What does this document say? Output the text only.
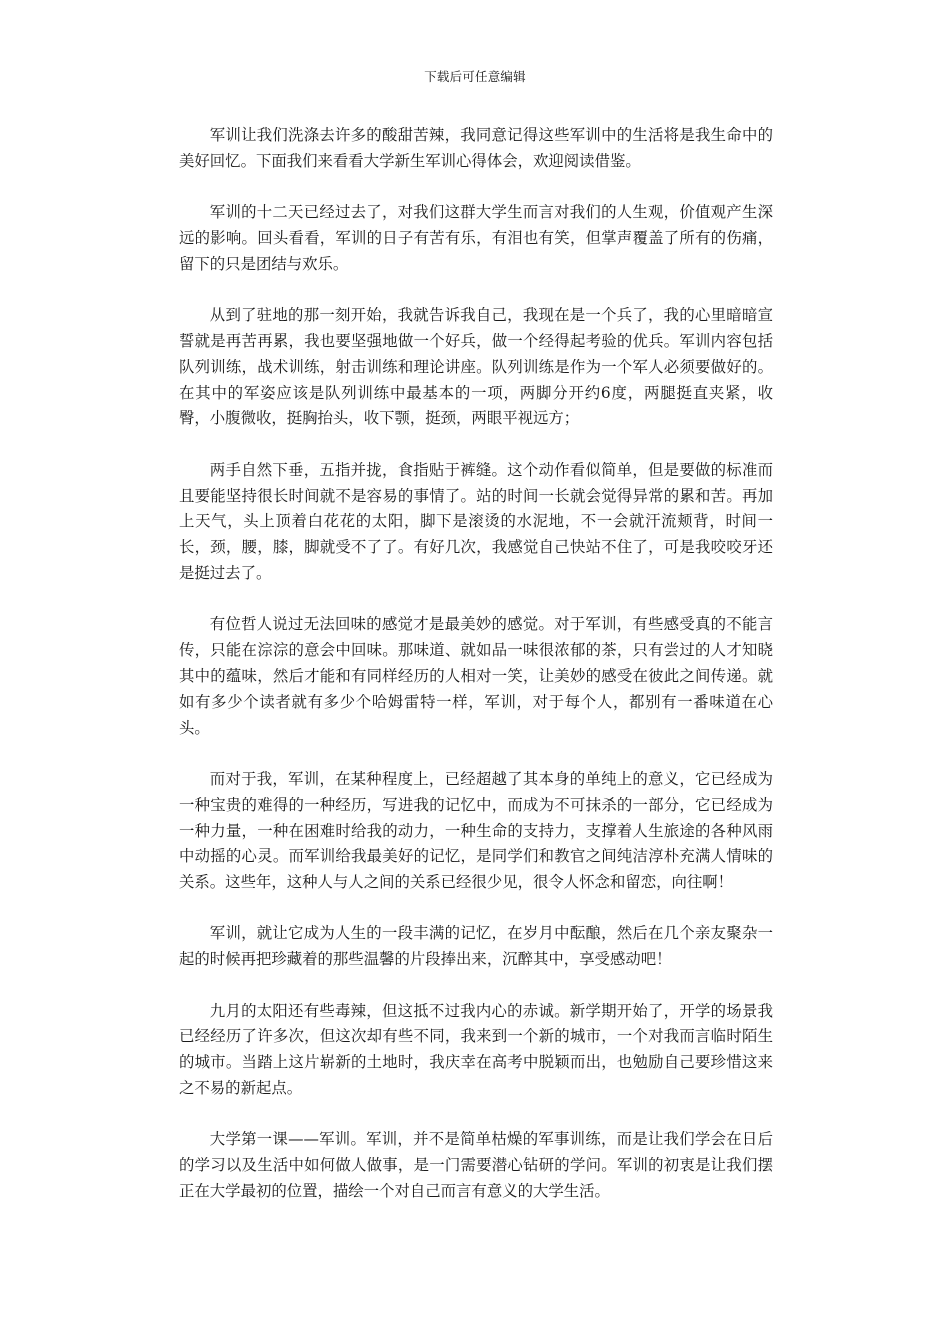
下载后可任意编辑

军训让我们洗涤去许多的酸甜苦辣，我同意记得这些军训中的生活将是我生命中的美好回忆。下面我们来看看大学新生军训心得体会，欢迎阅读借鉴。

军训的十二天已经过去了，对我们这群大学生而言对我们的人生观，价值观产生深远的影响。回头看看，军训的日子有苦有乐，有泪也有笑，但掌声覆盖了所有的伤痛，留下的只是团结与欢乐。

从到了驻地的那一刻开始，我就告诉我自己，我现在是一个兵了，我的心里暗暗宣誓就是再苦再累，我也要坚强地做一个好兵，做一个经得起考验的优兵。军训内容包括队列训练，战术训练，射击训练和理论讲座。队列训练是作为一个军人必须要做好的。在其中的军姿应该是队列训练中最基本的一项，两脚分开约6度，两腿挺直夹紧，收臀，小腹微收，挺胸抬头，收下颚，挺颈，两眼平视远方；

两手自然下垂，五指并拢，食指贴于裤缝。这个动作看似简单，但是要做的标准而且要能坚持很长时间就不是容易的事情了。站的时间一长就会觉得异常的累和苦。再加上天气，头上顶着白花花的太阳，脚下是滚烫的水泥地，不一会就汗流颊背，时间一长，颈，腰，膝，脚就受不了了。有好几次，我感觉自己快站不住了，可是我咬咬牙还是挺过去了。

有位哲人说过无法回味的感觉才是最美妙的感觉。对于军训，有些感受真的不能言传，只能在淙淙的意会中回味。那味道、就如品一味很浓郁的茶，只有尝过的人才知晓其中的蕴味，然后才能和有同样经历的人相对一笑，让美妙的感受在彼此之间传递。就如有多少个读者就有多少个哈姆雷特一样，军训，对于每个人，都别有一番味道在心头。

而对于我，军训，在某种程度上，已经超越了其本身的单纯上的意义，它已经成为一种宝贵的难得的一种经历，写进我的记忆中，而成为不可抹杀的一部分，它已经成为一种力量，一种在困难时给我的动力，一种生命的支持力，支撑着人生旅途的各种风雨中动摇的心灵。而军训给我最美好的记忆，是同学们和教官之间纯洁淳朴充满人情味的关系。这些年，这种人与人之间的关系已经很少见，很令人怀念和留恋，向往啊！

军训，就让它成为人生的一段丰满的记忆，在岁月中酝酿，然后在几个亲友聚杂一起的时候再把珍藏着的那些温馨的片段捧出来，沉醉其中，享受感动吧！

九月的太阳还有些毒辣，但这抵不过我内心的赤诚。新学期开始了，开学的场景我已经经历了许多次，但这次却有些不同，我来到一个新的城市，一个对我而言临时陌生的城市。当踏上这片崭新的土地时，我庆幸在高考中脱颖而出，也勉励自己要珍惜这来之不易的新起点。

大学第一课——军训。军训，并不是简单枯燥的军事训练，而是让我们学会在日后的学习以及生活中如何做人做事，是一门需要潜心钻研的学问。军训的初衷是让我们摆正在大学最初的位置，描绘一个对自己而言有意义的大学生活。
